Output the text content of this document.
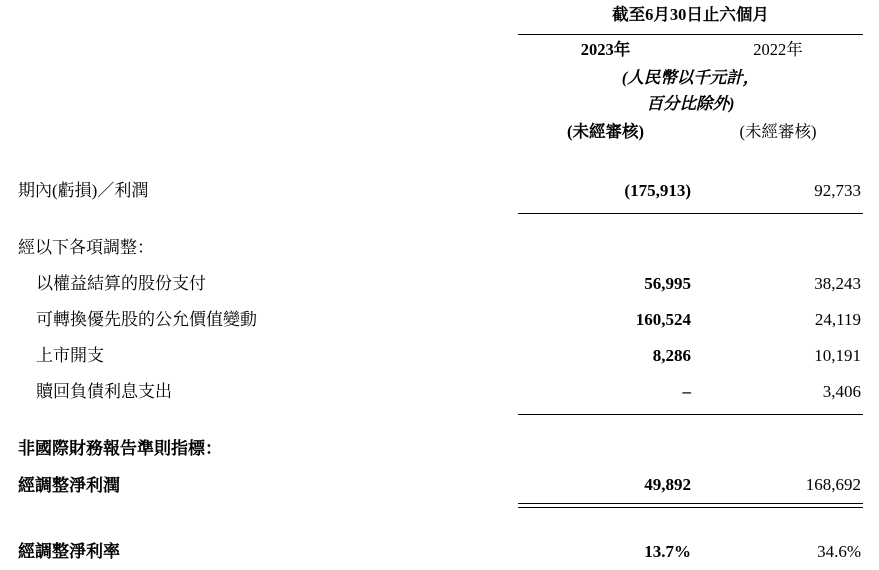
	截至6月30日止六個月	

	2023年	2022年
	(人民幣以千元計，	
	百分比除外)	
	(未經審核)	(未經審核)

期內(虧損)／利潤	(175,913)	92,733

經以下各項調整：		
以權益結算的股份支付	56,995	38,243
可轉換優先股的公允價值變動	160,524	24,119
上市開支	8,286	10,191
贖回負債利息支出	–	3,406

非國際財務報告準則指標：		
經調整淨利潤	49,892	168,692

經調整淨利率	13.7%	34.6%
